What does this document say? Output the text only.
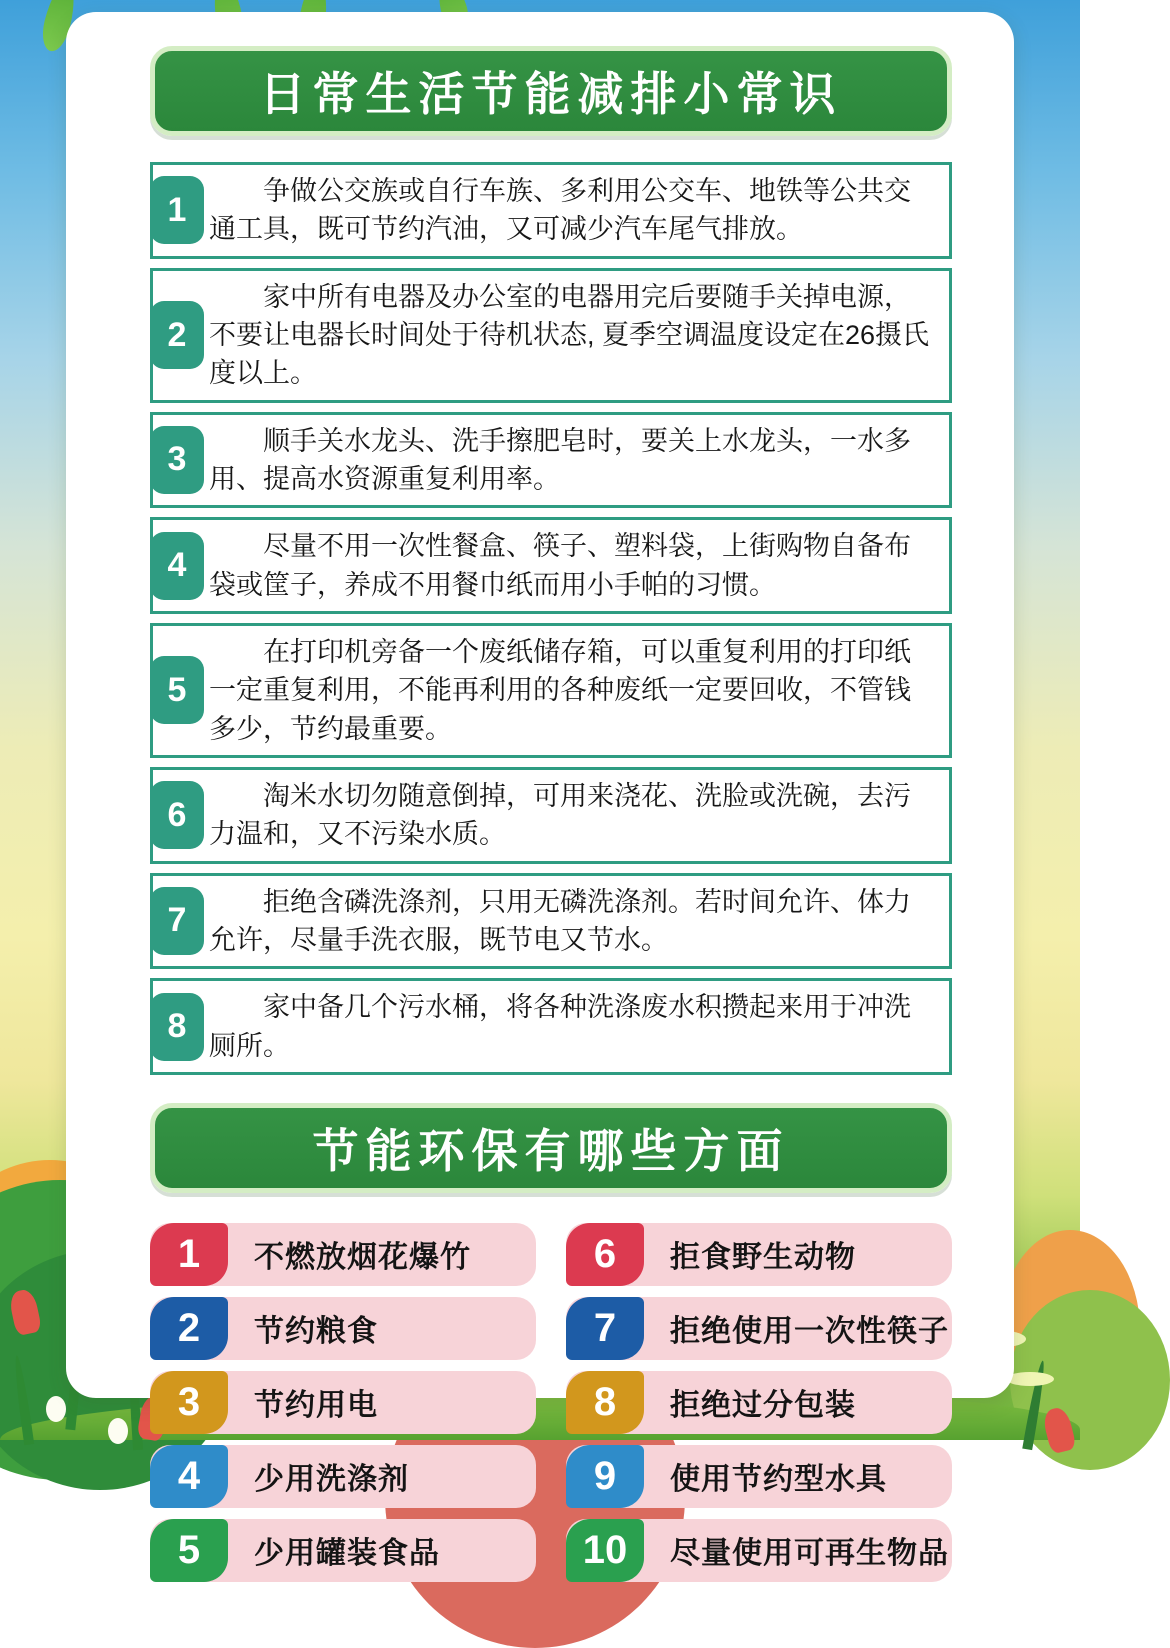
日常生活节能减排小常识
1	争做公交族或自行车族、多利用公交车、地铁等公共交通工具，既可节约汽油，又可减少汽车尾气排放。
2
家中所有电器及办公室的电器用完后要随手关掉电源，不要让电器长时间处于待机状态, 夏季空调温度设定在26摄氏度以上。
3	顺手关水龙头、洗手擦肥皂时，要关上水龙头，一水多用、提高水资源重复利用率。
4	尽量不用一次性餐盒、筷子、塑料袋，上街购物自备布袋或筐子，养成不用餐巾纸而用小手帕的习惯。
5
在打印机旁备一个废纸储存箱，可以重复利用的打印纸一定重复利用，不能再利用的各种废纸一定要回收，不管钱多少，节约最重要。
6	淘米水切勿随意倒掉，可用来浇花、洗脸或洗碗，去污力温和，又不污染水质。
7	拒绝含磷洗涤剂，只用无磷洗涤剂。若时间允许、体力允许，尽量手洗衣服，既节电又节水。
8	家中备几个污水桶，将各种洗涤废水积攒起来用于冲洗厕所。
节能环保有哪些方面
1	不燃放烟花爆竹
2	节约粮食
3	节约用电
4	少用洗涤剂
5	少用罐装食品
6	拒食野生动物
7	拒绝使用一次性筷子
8	拒绝过分包装
9	使用节约型水具
10	尽量使用可再生物品
